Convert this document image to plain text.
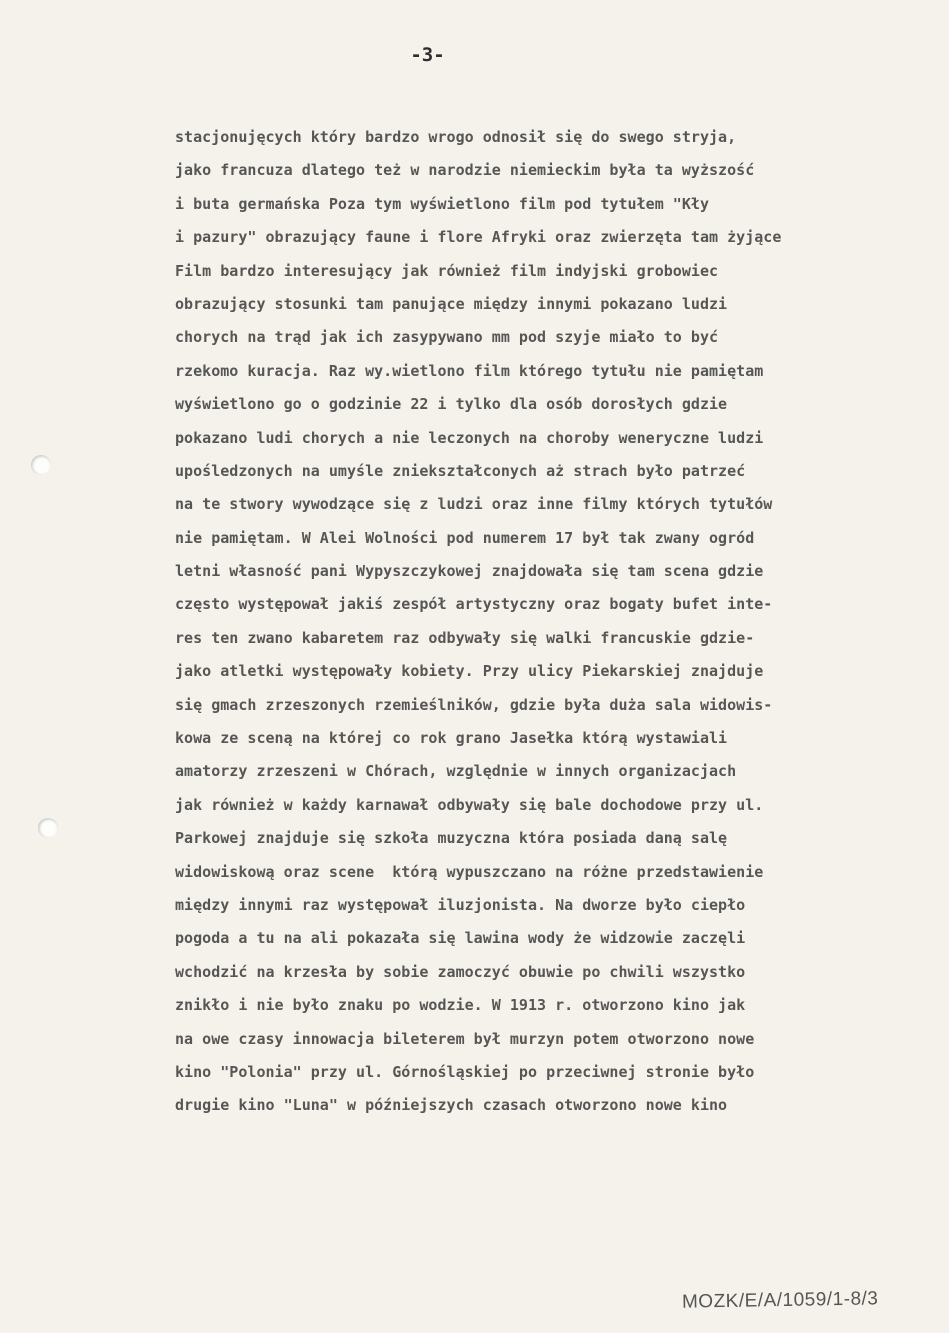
-3-
stacjonujęcych który bardzo wrogo odnosił się do swego stryja,
jako francuza dlatego też w narodzie niemieckim była ta wyższość
i buta germańska Poza tym wyświetlono film pod tytułem "Kły
i pazury" obrazujący faune i flore Afryki oraz zwierzęta tam żyjące
Film bardzo interesujący jak również film indyjski grobowiec
obrazujący stosunki tam panujące między innymi pokazano ludzi
chorych na trąd jak ich zasypywano mm pod szyje miało to być
rzekomo kuracja. Raz wy.wietlono film którego tytułu nie pamiętam
wyświetlono go o godzinie 22 i tylko dla osób dorosłych gdzie
pokazano ludi chorych a nie leczonych na choroby weneryczne ludzi
upośledzonych na umyśle zniekształconych aż strach było patrzeć
na te stwory wywodzące się z ludzi oraz inne filmy których tytułów
nie pamiętam. W Alei Wolności pod numerem 17 był tak zwany ogród
letni własność pani Wypyszczykowej znajdowała się tam scena gdzie
często występował jakiś zespół artystyczny oraz bogaty bufet inte-
res ten zwano kabaretem raz odbywały się walki francuskie gdzie-
jako atletki występowały kobiety. Przy ulicy Piekarskiej znajduje
się gmach zrzeszonych rzemieślników, gdzie była duża sala widowis-
kowa ze sceną na której co rok grano Jasełka którą wystawiali
amatorzy zrzeszeni w Chórach, względnie w innych organizacjach
jak również w każdy karnawał odbywały się bale dochodowe przy ul.
Parkowej znajduje się szkoła muzyczna która posiada daną salę
widowiskową oraz scene  którą wypuszczano na różne przedstawienie
między innymi raz występował iluzjonista. Na dworze było ciepło
pogoda a tu na ali pokazała się lawina wody że widzowie zaczęli
wchodzić na krzesła by sobie zamoczyć obuwie po chwili wszystko
znikło i nie było znaku po wodzie. W 1913 r. otworzono kino jak
na owe czasy innowacja bileterem był murzyn potem otworzono nowe
kino "Polonia" przy ul. Górnośląskiej po przeciwnej stronie było
drugie kino "Luna" w późniejszych czasach otworzono nowe kino
MOZK/E/A/1059/1-8/3
